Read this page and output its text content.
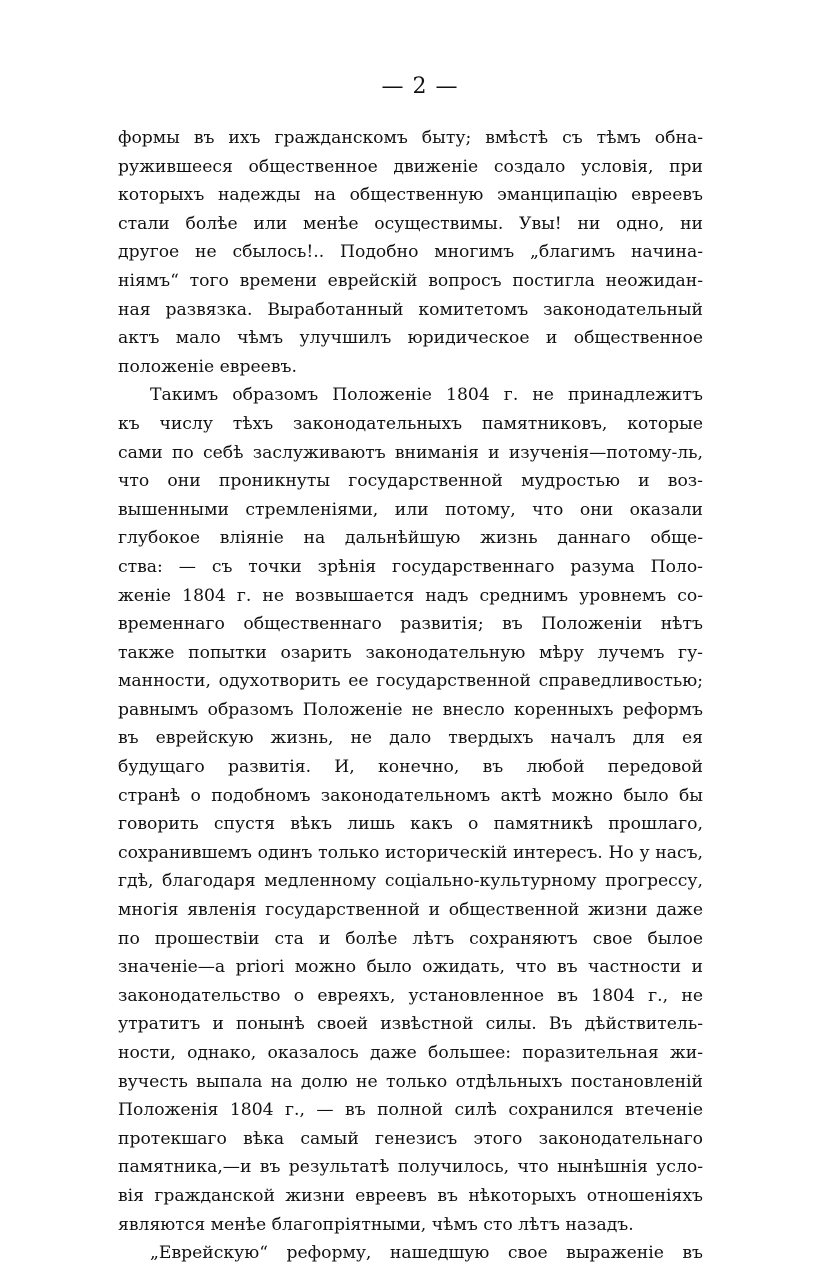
— 2 —
формы въ ихъ гражданскомъ быту; вмѣстѣ съ тѣмъ обна-
ружившееся общественное движеніе создало условія, при
которыхъ надежды на общественную эманципацію евреевъ
стали болѣе или менѣе осуществимы. Увы! ни одно, ни
другое не сбылось!.. Подобно многимъ „благимъ начина-
ніямъ“ того времени еврейскій вопросъ постигла неожидан-
ная развязка. Выработанный комитетомъ законодательный
актъ мало чѣмъ улучшилъ юридическое и общественное
положеніе евреевъ.
Такимъ образомъ Положеніе 1804 г. не принадлежитъ
къ числу тѣхъ законодательныхъ памятниковъ, которые
сами по себѣ заслуживаютъ вниманія и изученія—потому-ль,
что они проникнуты государственной мудростью и воз-
вышенными стремленіями, или потому, что они оказали
глубокое вліяніе на дальнѣйшую жизнь даннаго обще-
ства: — съ точки зрѣнія государственнаго разума Поло-
женіе 1804 г. не возвышается надъ среднимъ уровнемъ со-
временнаго общественнаго развитія; въ Положеніи нѣтъ
также попытки озарить законодательную мѣру лучемъ гу-
манности, одухотворить ее государственной справедливостью;
равнымъ образомъ Положеніе не внесло коренныхъ реформъ
въ еврейскую жизнь, не дало твердыхъ началъ для ея
будущаго развитія. И, конечно, въ любой передовой
странѣ о подобномъ законодательномъ актѣ можно было бы
говорить спустя вѣкъ лишь какъ о памятникѣ прошлаго,
сохранившемъ одинъ только историческій интересъ. Но у насъ,
гдѣ, благодаря медленному соціально-культурному прогрессу,
многія явленія государственной и общественной жизни даже
по прошествіи ста и болѣе лѣтъ сохраняютъ свое былое
значеніе—a priori можно было ожидать, что въ частности и
законодательство о евреяхъ, установленное въ 1804 г., не
утратитъ и понынѣ своей извѣстной силы. Въ дѣйствитель-
ности, однако, оказалось даже большее: поразительная жи-
вучесть выпала на долю не только отдѣльныхъ постановленій
Положенія 1804 г., — въ полной силѣ сохранился втеченіе
протекшаго вѣка самый генезисъ этого законодательнаго
памятника,—и въ результатѣ получилось, что нынѣшнія усло-
вія гражданской жизни евреевъ въ нѣкоторыхъ отношеніяхъ
являются менѣе благопріятными, чѣмъ сто лѣтъ назадъ.
„Еврейскую“ реформу, нашедшую свое выраженіе въ
